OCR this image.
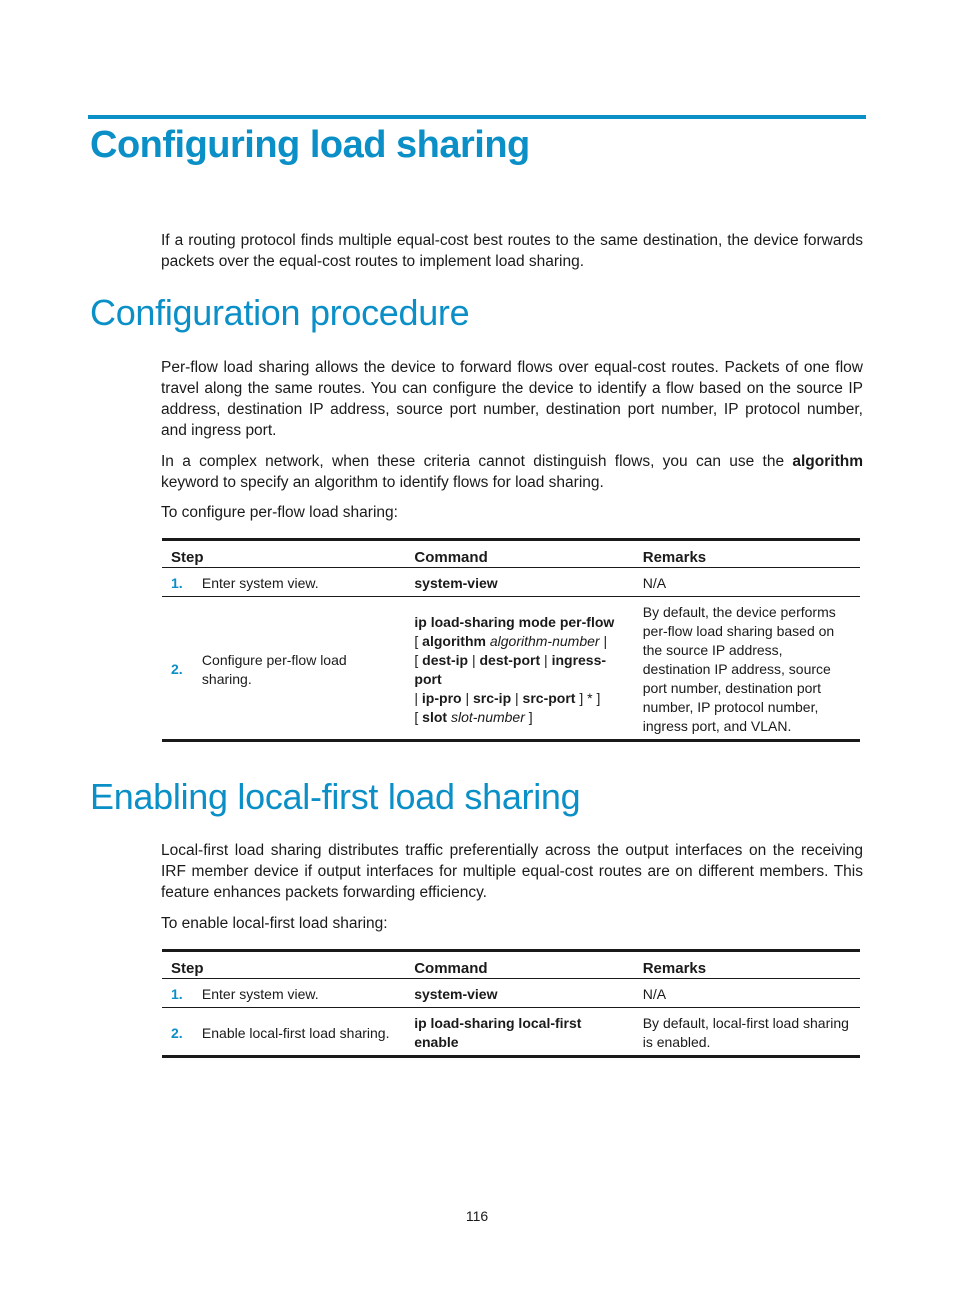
Configuring load sharing

If a routing protocol finds multiple equal-cost best routes to the same destination, the device forwards packets over the equal-cost routes to implement load sharing.

Configuration procedure

Per-flow load sharing allows the device to forward flows over equal-cost routes. Packets of one flow travel along the same routes. You can configure the device to identify a flow based on the source IP address, destination IP address, source port number, destination port number, IP protocol number, and ingress port.

In a complex network, when these criteria cannot distinguish flows, you can use the algorithm keyword to specify an algorithm to identify flows for load sharing.

To configure per-flow load sharing:

Step		Command	Remarks
1.	Enter system view.	system-view	N/A
2.	Configure per-flow load sharing.	ip load-sharing mode per-flow
[ algorithm algorithm-number |
[ dest-ip | dest-port | ingress-port
| ip-pro | src-ip | src-port ] * ]
[ slot slot-number ]	By default, the device performs per-flow load sharing based on the source IP address, destination IP address, source port number, destination port number, IP protocol number, ingress port, and VLAN.
Enabling local-first load sharing

Local-first load sharing distributes traffic preferentially across the output interfaces on the receiving IRF member device if output interfaces for multiple equal-cost routes are on different members. This feature enhances packets forwarding efficiency.

To enable local-first load sharing:

Step		Command	Remarks
1.	Enter system view.	system-view	N/A
2.	Enable local-first load sharing.	ip load-sharing local-first enable	By default, local-first load sharing is enabled.
116
